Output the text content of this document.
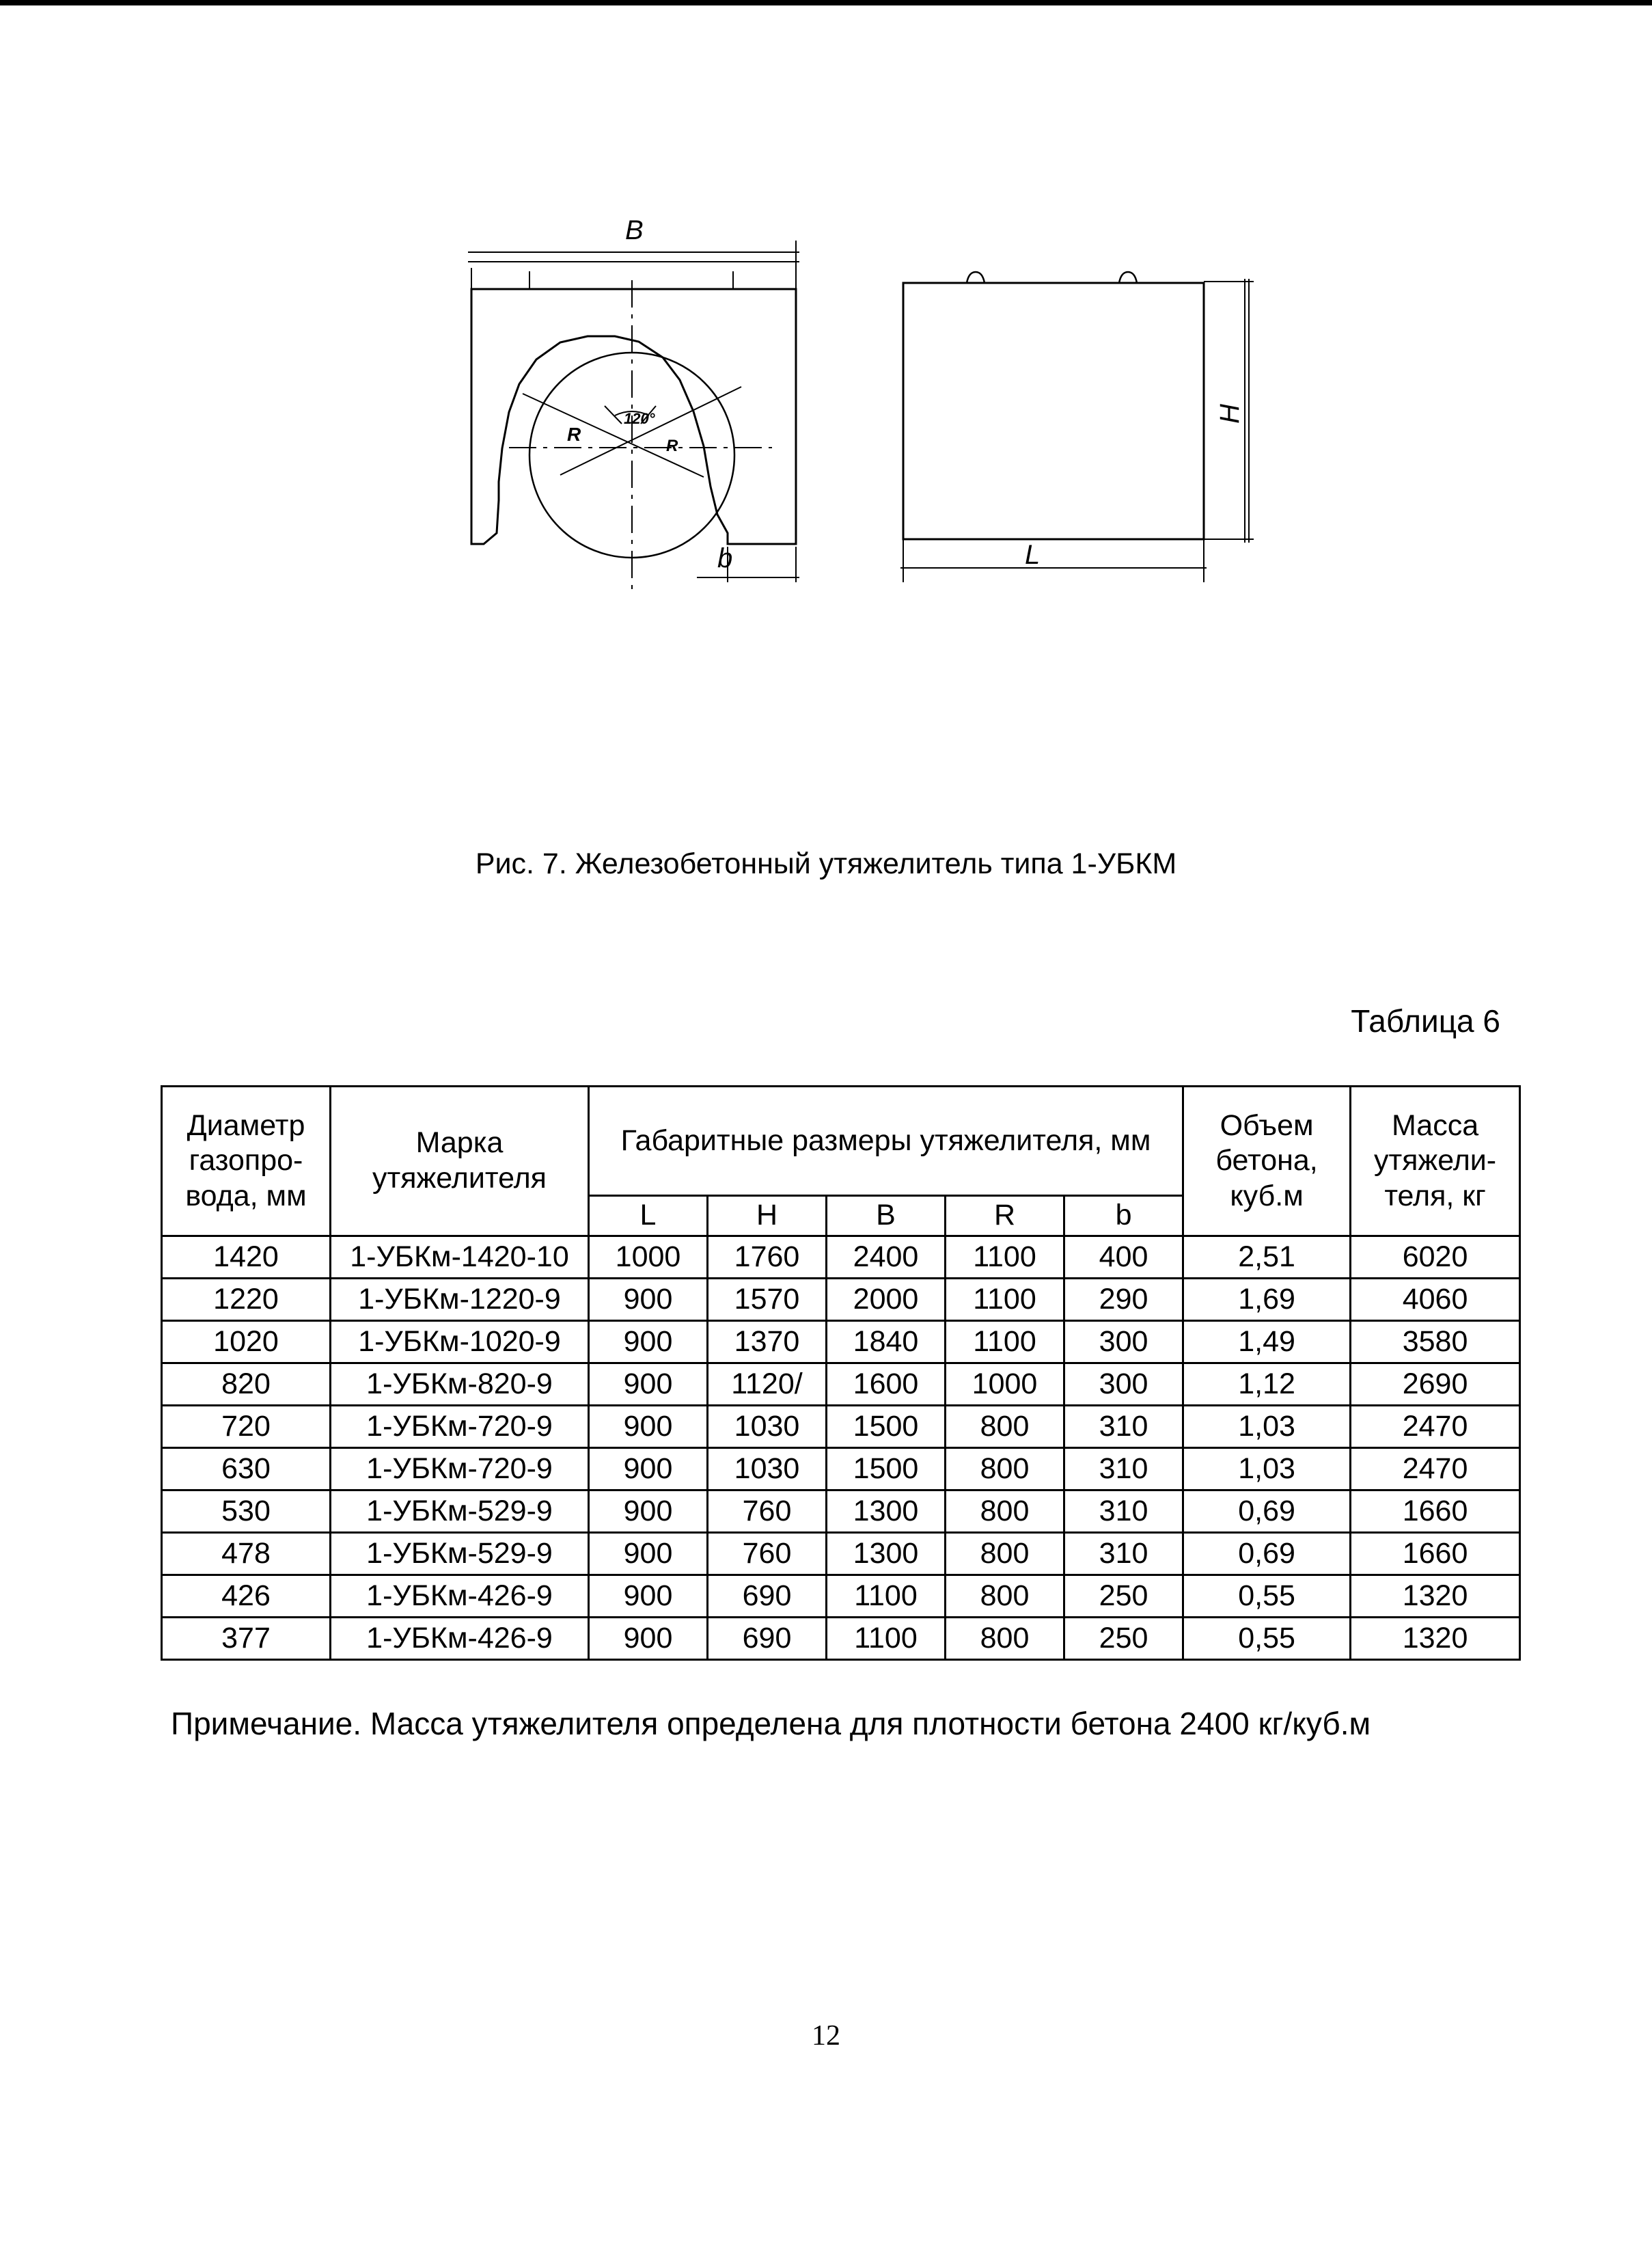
B
R
120°
R
b
H
L
Рис. 7. Железобетонный утяжелитель типа 1-УБКМ
Таблица 6
Диаметр газопро-вода, мм	Марка утяжелителя	Габаритные размеры утяжелителя, мм					Объем бетона, куб.м	Масса утяжели-теля, кг
		L	H	B	R	b		
1420	1-УБКм-1420-10	1000	1760	2400	1100	400	2,51	6020
1220	1-УБКм-1220-9	900	1570	2000	1100	290	1,69	4060
1020	1-УБКм-1020-9	900	1370	1840	1100	300	1,49	3580
820	1-УБКм-820-9	900	1120/	1600	1000	300	1,12	2690
720	1-УБКм-720-9	900	1030	1500	800	310	1,03	2470
630	1-УБКм-720-9	900	1030	1500	800	310	1,03	2470
530	1-УБКм-529-9	900	760	1300	800	310	0,69	1660
478	1-УБКм-529-9	900	760	1300	800	310	0,69	1660
426	1-УБКм-426-9	900	690	1100	800	250	0,55	1320
377	1-УБКм-426-9	900	690	1100	800	250	0,55	1320
Примечание. Масса утяжелителя определена для плотности бетона 2400 кг/куб.м
12
